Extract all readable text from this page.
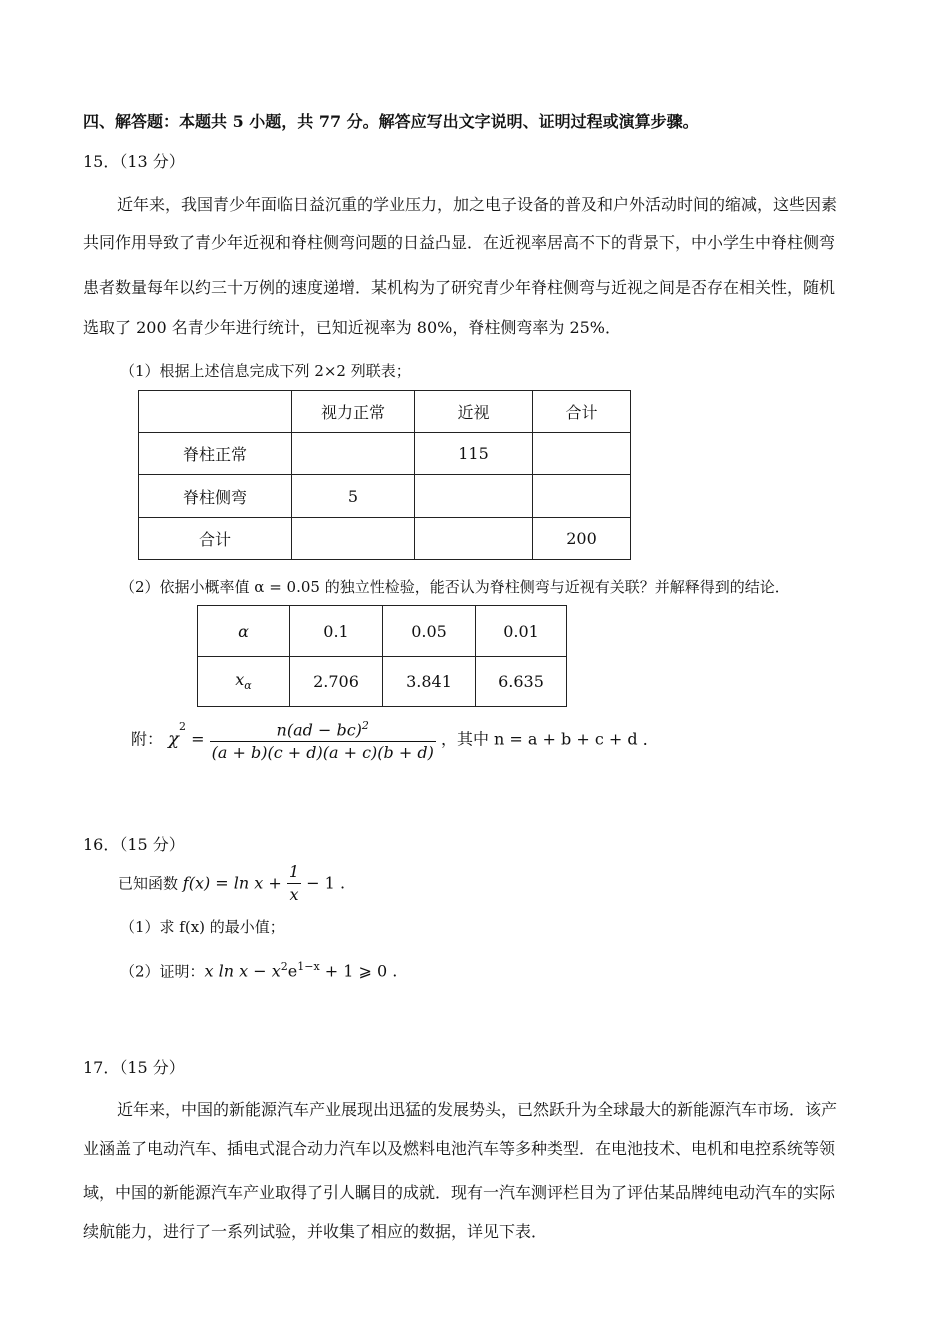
四、解答题：本题共 5 小题，共 77 分。解答应写出文字说明、证明过程或演算步骤。
15．（13 分）
近年来，我国青少年面临日益沉重的学业压力，加之电子设备的普及和户外活动时间的缩减，这些因素
共同作用导致了青少年近视和脊柱侧弯问题的日益凸显．在近视率居高不下的背景下，中小学生中脊柱侧弯
患者数量每年以约三十万例的速度递增．某机构为了研究青少年脊柱侧弯与近视之间是否存在相关性，随机
选取了 200 名青少年进行统计，已知近视率为 80%，脊柱侧弯率为 25%．
（1）根据上述信息完成下列 2×2 列联表；
	视力正常	近视	合计
脊柱正常		115	
脊柱侧弯	5		
合计			200
（2）依据小概率值 α = 0.05 的独立性检验，能否认为脊柱侧弯与近视有关联？并解释得到的结论．
α	0.1	0.05	0.01
$x_\alpha$	2.706	3.841	6.635
附： $\chi^2 = \frac{n(ad - bc)^2}{(a + b)(c + d)(a + c)(b + d)}$ ，其中 n = a + b + c + d ．
16．（15 分）
已知函数 $f(x) = \ln x + \frac{1}{x} - 1$ .
（1）求 f(x) 的最小值；
（2）证明：x $\ln x - x^2e^{1-x} + 1$ ⩾ 0 .
17．（15 分）
近年来，中国的新能源汽车产业展现出迅猛的发展势头，已然跃升为全球最大的新能源汽车市场．该产
业涵盖了电动汽车、插电式混合动力汽车以及燃料电池汽车等多种类型．在电池技术、电机和电控系统等领
域，中国的新能源汽车产业取得了引人瞩目的成就．现有一汽车测评栏目为了评估某品牌纯电动汽车的实际
续航能力，进行了一系列试验，并收集了相应的数据，详见下表．
